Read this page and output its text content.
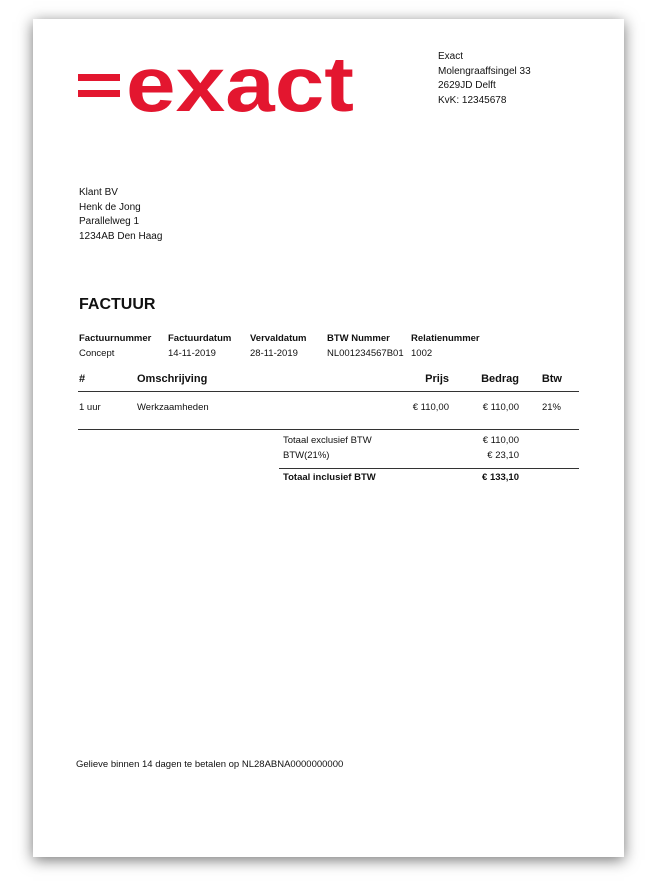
exact	Exact
Molengraaffsingel 33
2629JD Delft
KvK: 12345678
Klant BV
Henk de Jong
Parallelweg 1
1234AB Den Haag
FACTUUR
Factuurnummer Factuurdatum Vervaldatum BTW Nummer Relatienummer
Concept	14-11-2019	28-11-2019	NL001234567B01 1002
#	Omschrijving	Prijs	Bedrag	Btw
1 uur	Werkzaamheden	€ 110,00	€ 110,00	21%
Totaal exclusief BTW	€ 110,00
BTW(21%)	€ 23,10
Totaal inclusief BTW	€ 133,10
Gelieve binnen 14 dagen te betalen op NL28ABNA0000000000
